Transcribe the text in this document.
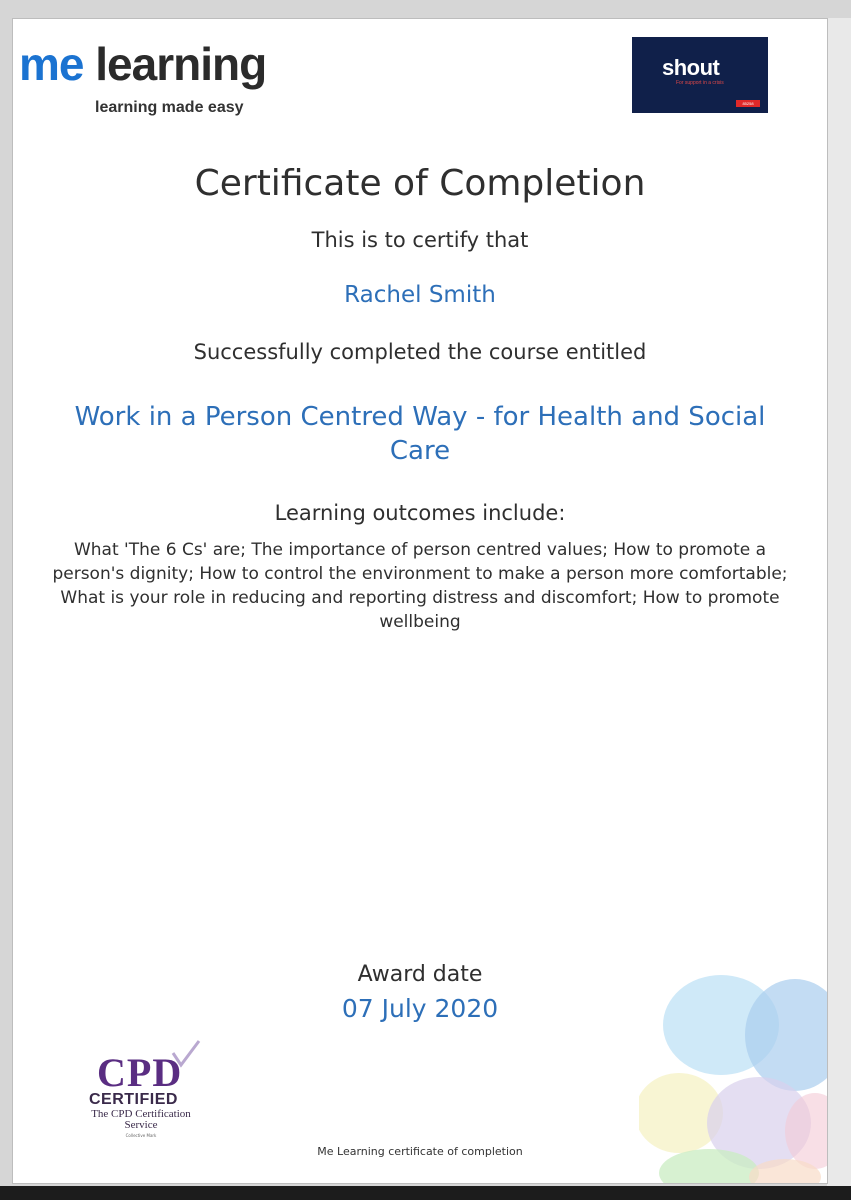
me learning
learning made easy
shout
For support in a crisis
85258
Certificate of Completion
This is to certify that
Rachel Smith
Successfully completed the course entitled
Work in a Person Centred Way - for Health and Social Care
Learning outcomes include:
What 'The 6 Cs' are; The importance of person centred values; How to promote a person's dignity; How to control the environment to make a person more comfortable; What is your role in reducing and reporting distress and discomfort; How to promote wellbeing
Award date
07 July 2020
CPD
CERTIFIED
The CPD Certification
Service
Collective Mark
Me Learning certificate of completion
